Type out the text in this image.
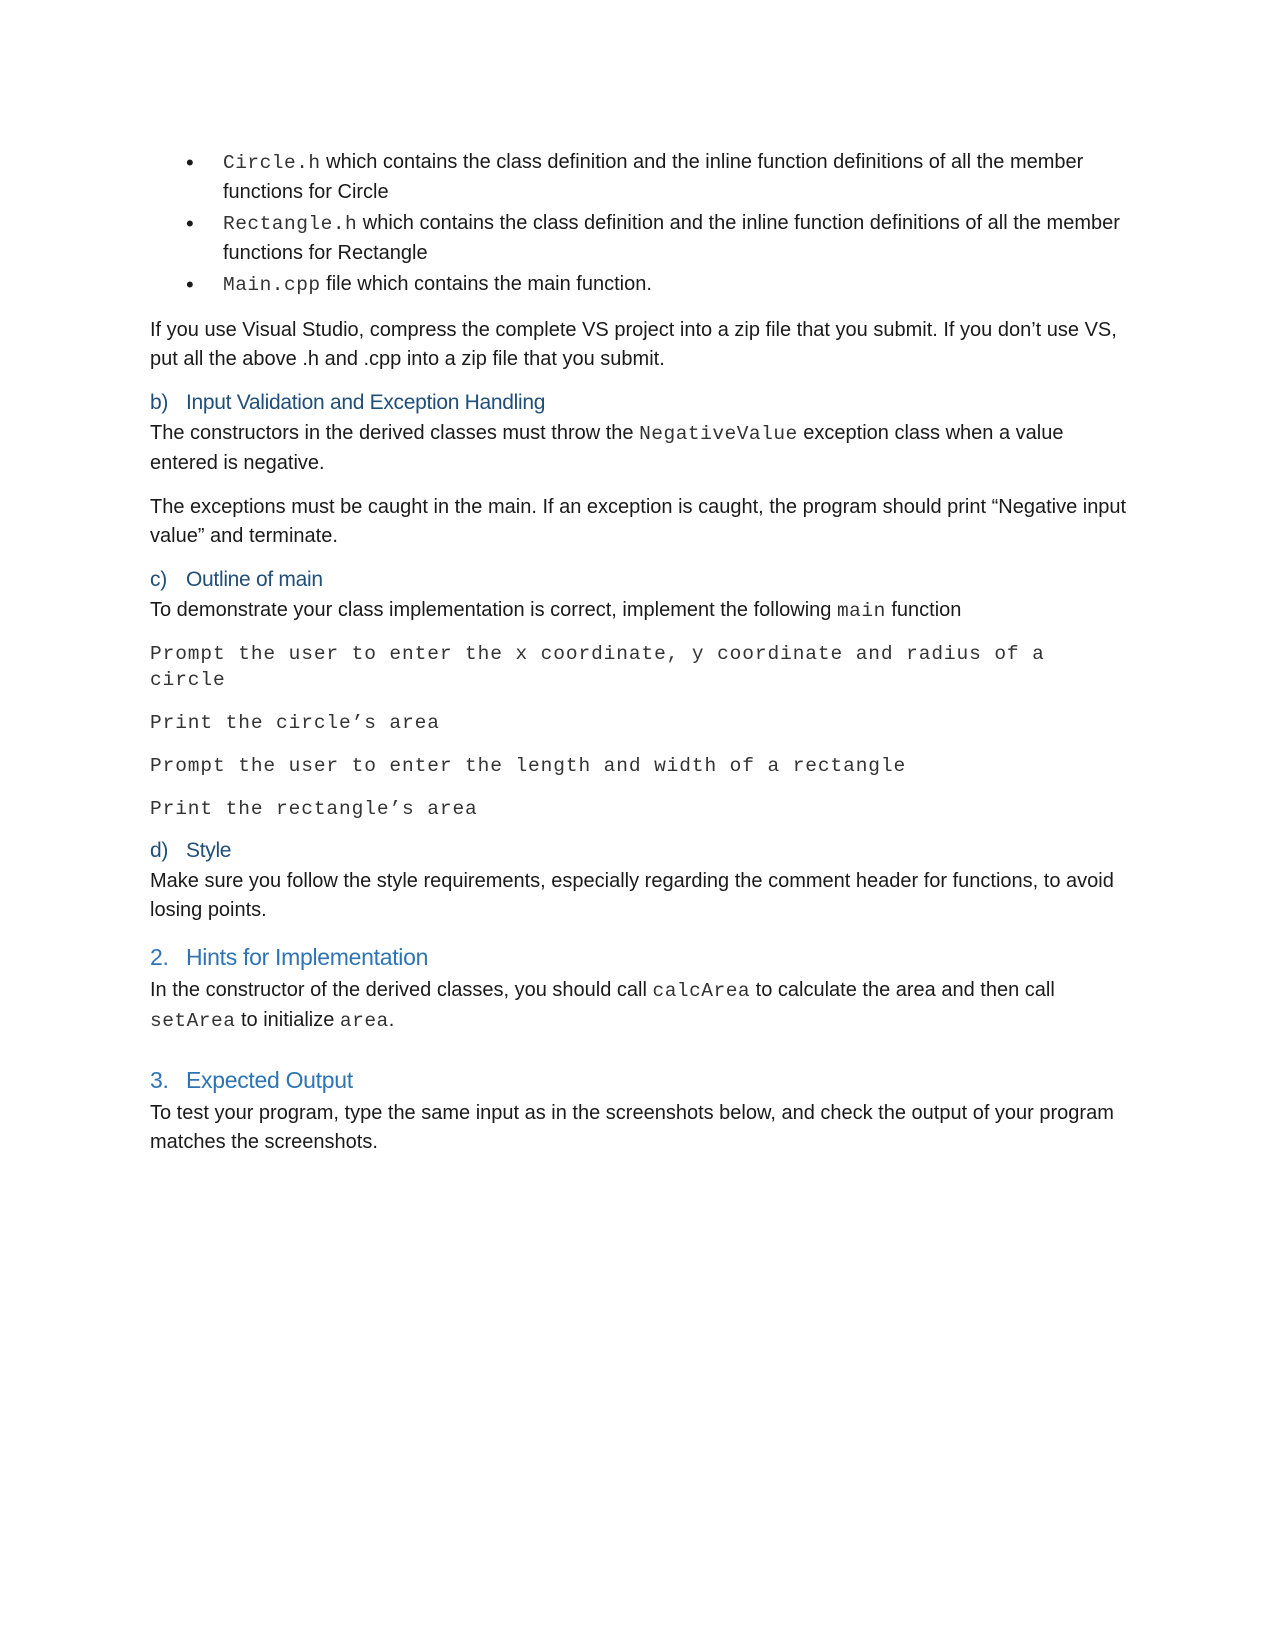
• Circle.h which contains the class definition and the inline function definitions of all the member functions for Circle
• Rectangle.h which contains the class definition and the inline function definitions of all the member functions for Rectangle
• Main.cpp file which contains the main function.

If you use Visual Studio, compress the complete VS project into a zip file that you submit. If you don’t use VS, put all the above .h and .cpp into a zip file that you submit.

b) Input Validation and Exception Handling

The constructors in the derived classes must throw the NegativeValue exception class when a value entered is negative.

The exceptions must be caught in the main. If an exception is caught, the program should print “Negative input value” and terminate.

c) Outline of main

To demonstrate your class implementation is correct, implement the following main function

Prompt the user to enter the x coordinate, y coordinate and radius of a circle
Print the circle’s area
Prompt the user to enter the length and width of a rectangle
Print the rectangle’s area
d) Style

Make sure you follow the style requirements, especially regarding the comment header for functions, to avoid losing points.

2. Hints for Implementation

In the constructor of the derived classes, you should call calcArea to calculate the area and then call setArea to initialize area.

3. Expected Output

To test your program, type the same input as in the screenshots below, and check the output of your program matches the screenshots.
